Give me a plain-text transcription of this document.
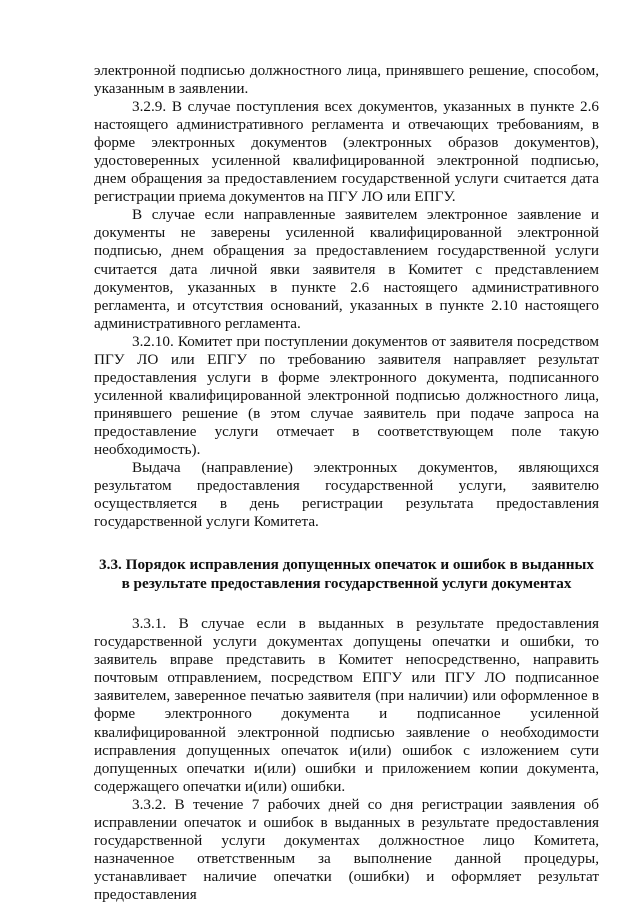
электронной подписью должностного лица, принявшего решение, способом, указанным в заявлении.

3.2.9. В случае поступления всех документов, указанных в пункте 2.6 настоящего административного регламента и отвечающих требованиям, в форме электронных документов (электронных образов документов), удостоверенных усиленной квалифицированной электронной подписью, днем обращения за предоставлением государственной услуги считается дата регистрации приема документов на ПГУ ЛО или ЕПГУ.

В случае если направленные заявителем электронное заявление и документы не заверены усиленной квалифицированной электронной подписью, днем обращения за предоставлением государственной услуги считается дата личной явки заявителя в Комитет с представлением документов, указанных в пункте 2.6 настоящего административного регламента, и отсутствия оснований, указанных в пункте 2.10 настоящего административного регламента.

3.2.10. Комитет при поступлении документов от заявителя посредством ПГУ ЛО или ЕПГУ по требованию заявителя направляет результат предоставления услуги в форме электронного документа, подписанного усиленной квалифицированной электронной подписью должностного лица, принявшего решение (в этом случае заявитель при подаче запроса на предоставление услуги отмечает в соответствующем поле такую необходимость).

Выдача (направление) электронных документов, являющихся результатом предоставления государственной услуги, заявителю осуществляется в день регистрации результата предоставления государственной услуги Комитета.

3.3. Порядок исправления допущенных опечаток и ошибок в выданных в результате предоставления государственной услуги документах

3.3.1. В случае если в выданных в результате предоставления государственной услуги документах допущены опечатки и ошибки, то заявитель вправе представить в Комитет непосредственно, направить почтовым отправлением, посредством ЕПГУ или ПГУ ЛО подписанное заявителем, заверенное печатью заявителя (при наличии) или оформленное в форме электронного документа и подписанное усиленной квалифицированной электронной подписью заявление о необходимости исправления допущенных опечаток и(или) ошибок с изложением сути допущенных опечатки и(или) ошибки и приложением копии документа, содержащего опечатки и(или) ошибки.

3.3.2. В течение 7 рабочих дней со дня регистрации заявления об исправлении опечаток и ошибок в выданных в результате предоставления государственной услуги документах должностное лицо Комитета, назначенное ответственным за выполнение данной процедуры, устанавливает наличие опечатки (ошибки) и оформляет результат предоставления
